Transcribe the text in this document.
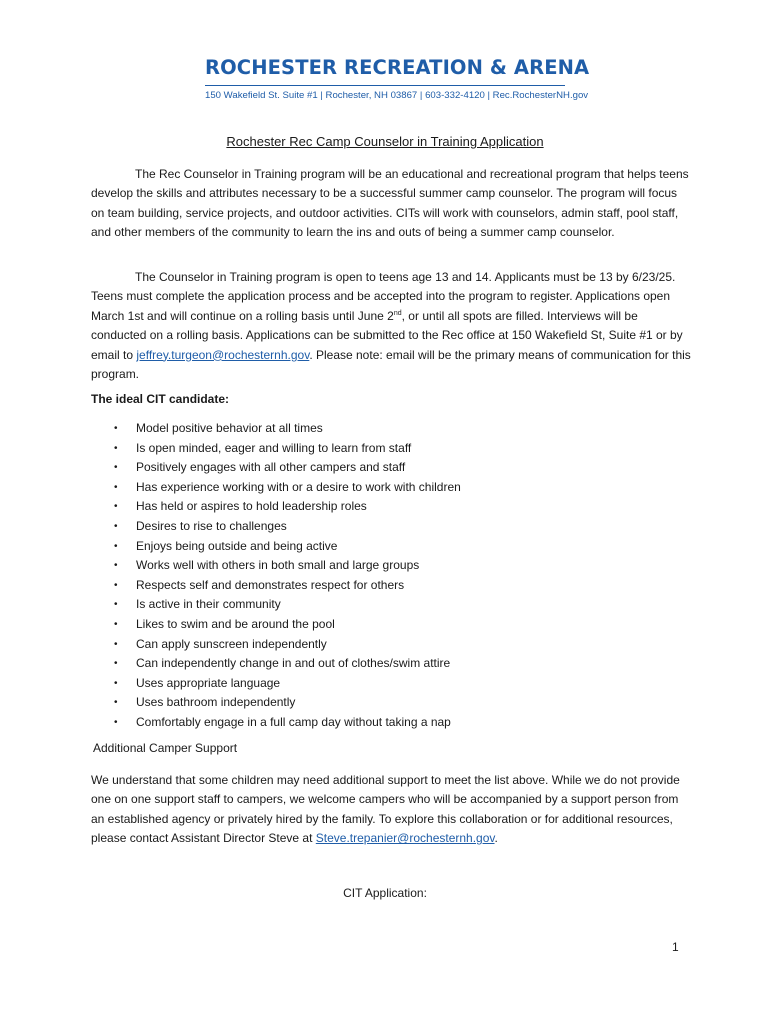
ROCHESTER RECREATION & ARENA
150 Wakefield St. Suite #1 | Rochester, NH 03867 | 603-332-4120 | Rec.RochesterNH.gov
Rochester Rec Camp Counselor in Training Application

The Rec Counselor in Training program will be an educational and recreational program that helps teens develop the skills and attributes necessary to be a successful summer camp counselor. The program will focus on team building, service projects, and outdoor activities. CITs will work with counselors, admin staff, pool staff, and other members of the community to learn the ins and outs of being a summer camp counselor.

The Counselor in Training program is open to teens age 13 and 14. Applicants must be 13 by 6/23/25. Teens must complete the application process and be accepted into the program to register. Applications open March 1st and will continue on a rolling basis until June 2nd, or until all spots are filled. Interviews will be conducted on a rolling basis. Applications can be submitted to the Rec office at 150 Wakefield St, Suite #1 or by email to jeffrey.turgeon@rochesternh.gov. Please note: email will be the primary means of communication for this program.

The ideal CIT candidate:
• Model positive behavior at all times
• Is open minded, eager and willing to learn from staff
• Positively engages with all other campers and staff
• Has experience working with or a desire to work with children
• Has held or aspires to hold leadership roles
• Desires to rise to challenges
• Enjoys being outside and being active
• Works well with others in both small and large groups
• Respects self and demonstrates respect for others
• Is active in their community
• Likes to swim and be around the pool
• Can apply sunscreen independently
• Can independently change in and out of clothes/swim attire
• Uses appropriate language
• Uses bathroom independently
• Comfortably engage in a full camp day without taking a nap
Additional Camper Support

We understand that some children may need additional support to meet the list above. While we do not provide one on one support staff to campers, we welcome campers who will be accompanied by a support person from an established agency or privately hired by the family. To explore this collaboration or for additional resources, please contact Assistant Director Steve at Steve.trepanier@rochesternh.gov.

CIT Application:
1
